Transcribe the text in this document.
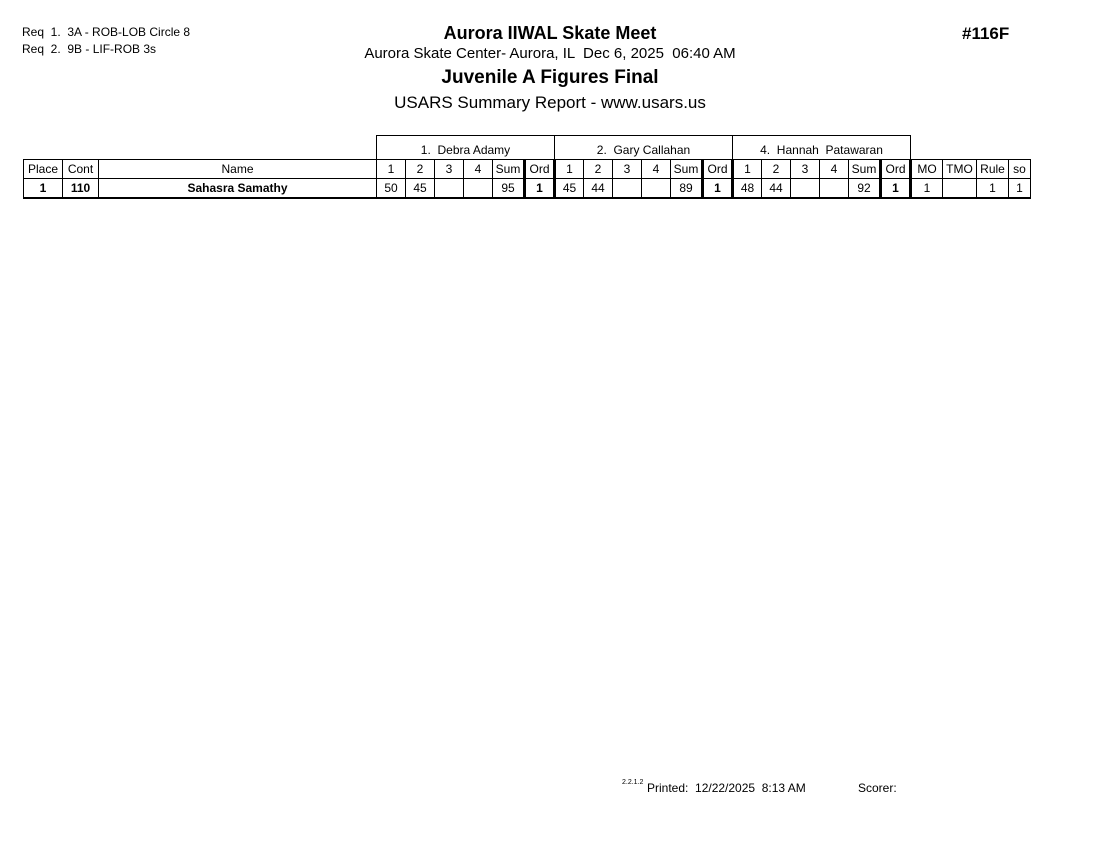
Req  1.  3A - ROB-LOB Circle 8
Req  2.  9B - LIF-ROB 3s
Aurora IIWAL Skate Meet
Aurora Skate Center- Aurora, IL  Dec 6, 2025  06:40 AM
Juvenile A Figures Final
USARS Summary Report - www.usars.us
#116F
			1.  Debra Adamy						2.  Gary Callahan						4.  Hannah  Patawaran									
Place	Cont	Name	1	2	3	4	Sum	Ord	1	2	3	4	Sum	Ord	1	2	3	4	Sum	Ord	MO	TMO	Rule	so
1	110	Sahasra Samathy	50	45			95	1	45	44			89	1	48	44			92	1	1		1	1
2.2.1.2 Printed:  12/22/2025  8:13 AM	Scorer:
